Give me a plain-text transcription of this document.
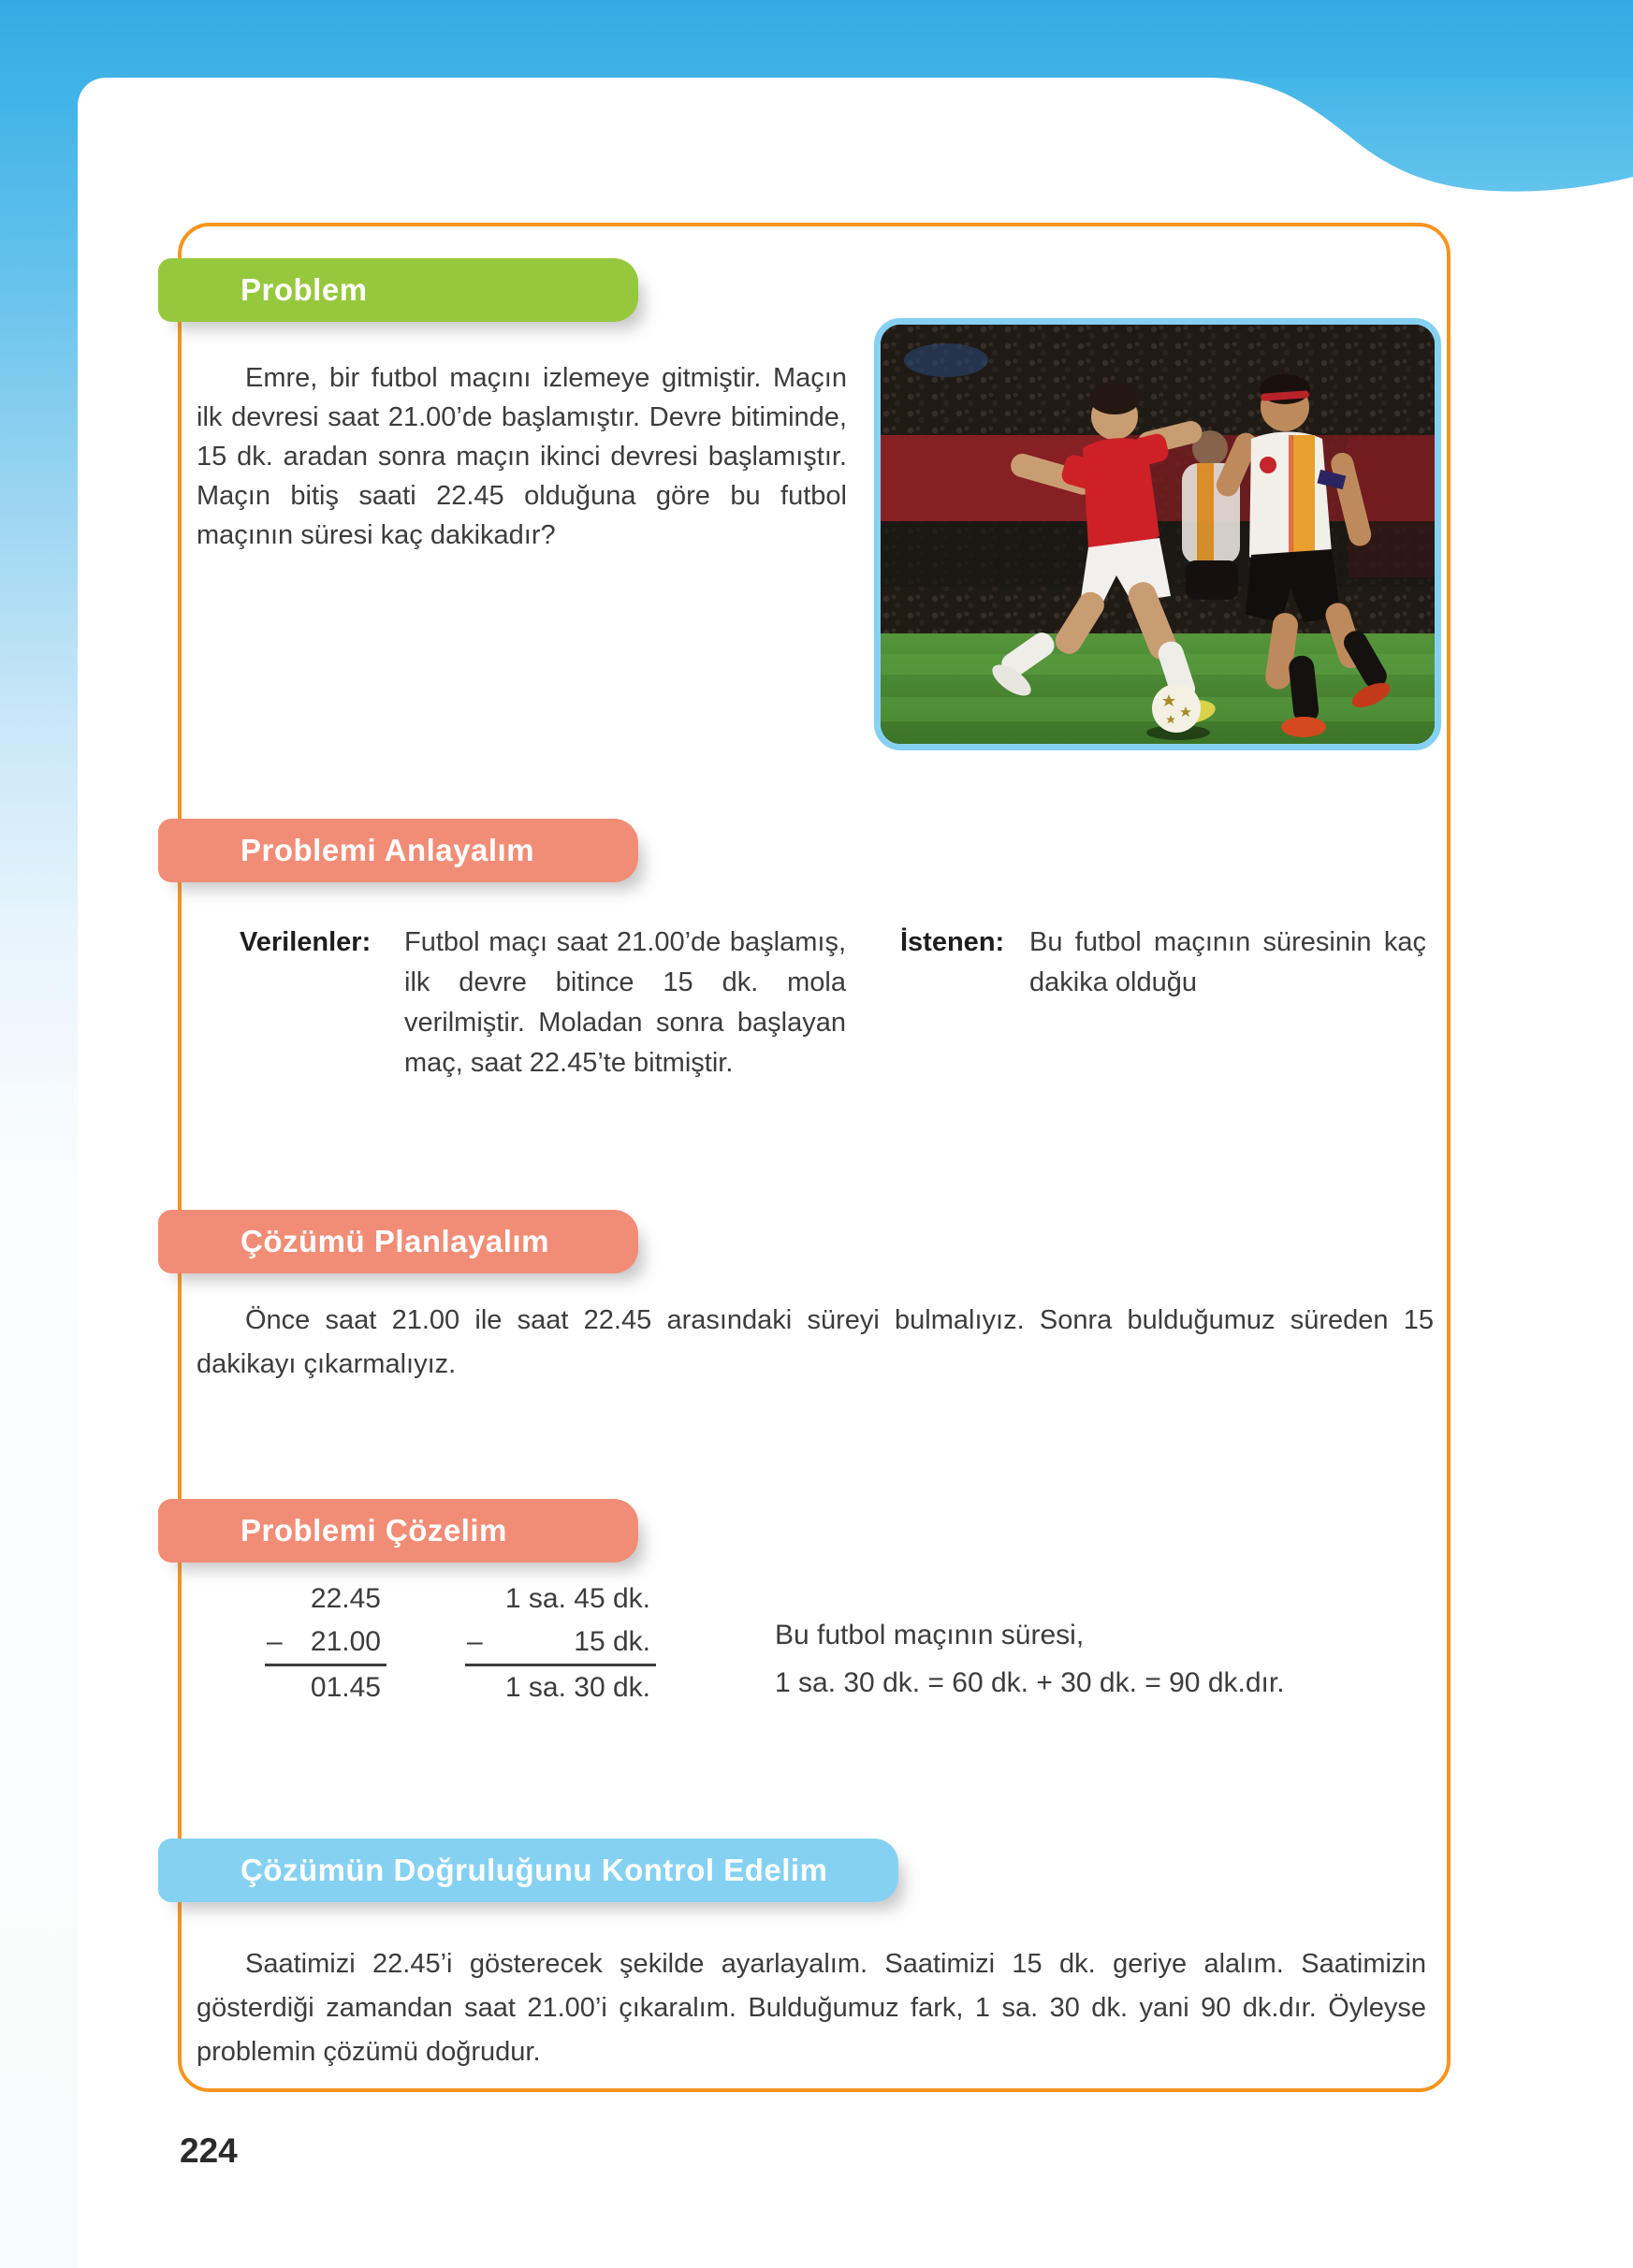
Problem
Problemi Anlayalım
Çözümü Planlayalım
Problemi Çözelim
Çözümün Doğruluğunu Kontrol Edelim
Emre, bir futbol maçını izlemeye gitmiştir. Maçın ilk devresi saat 21.00’de başlamıştır. Devre bitiminde, 15 dk. aradan sonra maçın ikinci devresi başlamıştır. Maçın bitiş saati 22.45 olduğuna göre bu futbol maçının süresi kaç dakikadır?
Verilenler: Futbol maçı saat 21.00’de başlamış, ilk devre bitince 15 dk. mola verilmiştir. Moladan sonra başlayan maç, saat 22.45’te bitmiştir.
İstenen: Bu futbol maçının süresinin kaç dakika olduğu
Önce saat 21.00 ile saat 22.45 arasındaki süreyi bulmalıyız. Sonra bulduğumuz süreden 15 dakikayı çıkarmalıyız.
22.45
– 21.00
01.45
1 sa. 45 dk.
–	15 dk.
1 sa. 30 dk.
Bu futbol maçının süresi,
1 sa. 30 dk. = 60 dk. + 30 dk. = 90 dk.dır.
Saatimizi 22.45’i gösterecek şekilde ayarlayalım. Saatimizi 15 dk. geriye alalım. Saatimizin gösterdiği zamandan saat 21.00’i çıkaralım. Bulduğumuz fark, 1 sa. 30 dk. yani 90 dk.dır. Öyleyse problemin çözümü doğrudur.
224
